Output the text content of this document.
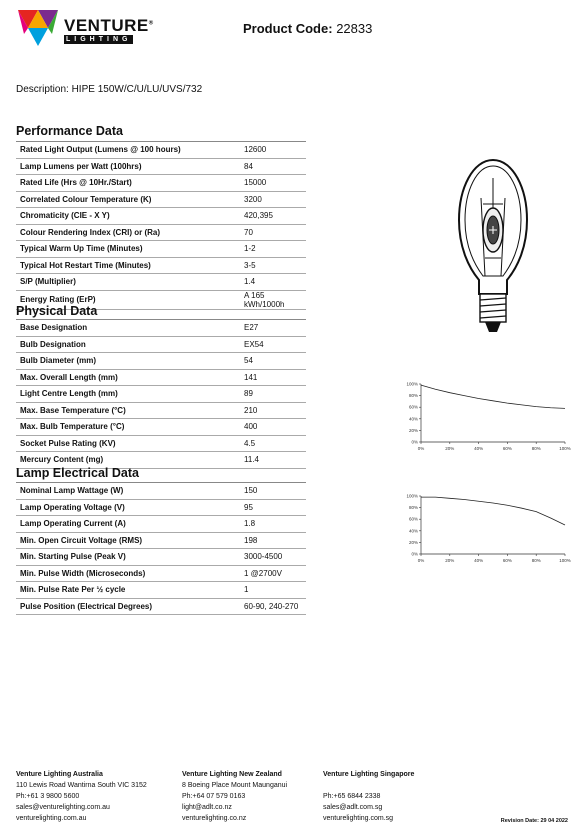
VENTURE®
LIGHTING
Product Code: 22833
Description: HIPE 150W/C/U/LU/UVS/732
Performance Data
Rated Light Output (Lumens @ 100 hours)	12600
Lamp Lumens per Watt (100hrs)	84
Rated Life (Hrs @ 10Hr./Start)	15000
Correlated Colour Temperature (K)	3200
Chromaticity (CIE - X Y)	420,395
Colour Rendering Index (CRI) or (Ra)	70
Typical Warm Up Time (Minutes)	1-2
Typical Hot Restart Time (Minutes)	3-5
S/P (Multiplier)	1.4
Energy Rating (ErP)	A 165 kWh/1000h
Physical Data
Base Designation	E27
Bulb Designation	EX54
Bulb Diameter (mm)	54
Max. Overall Length (mm)	141
Light Centre Length (mm)	89
Max. Base Temperature (°C)	210
Max. Bulb Temperature (°C)	400
Socket Pulse Rating (KV)	4.5
Mercury Content (mg)	11.4
Lamp Electrical Data
Nominal Lamp Wattage (W)	150
Lamp Operating Voltage (V)	95
Lamp Operating Current (A)	1.8
Min. Open Circuit Voltage (RMS)	198
Min. Starting Pulse (Peak V)	3000-4500
Min. Pulse Width (Microseconds)	1 @2700V
Min. Pulse Rate Per ½ cycle	1
Pulse Position (Electrical Degrees)	60-90, 240-270
100%
80%
60%
40%
20%
0%
0%	20%	40%	60%	80%	100%
100%
80%
60%
40%
20%
0%
0%	20%	40%	60%	80%	100%
Venture Lighting Australia
110 Lewis Road Wantirna South VIC 3152
Ph:+61 3 9800 5600
sales@venturelighting.com.au
venturelighting.com.au
Venture Lighting New Zealand
8 Boeing Place Mount Maunganui
Ph:+64 07 579 0163
light@adlt.co.nz
venturelighting.co.nz
Venture Lighting Singapore
Ph:+65 6844 2338
sales@adlt.com.sg
venturelighting.com.sg	Revision Date: 29 04 2022
